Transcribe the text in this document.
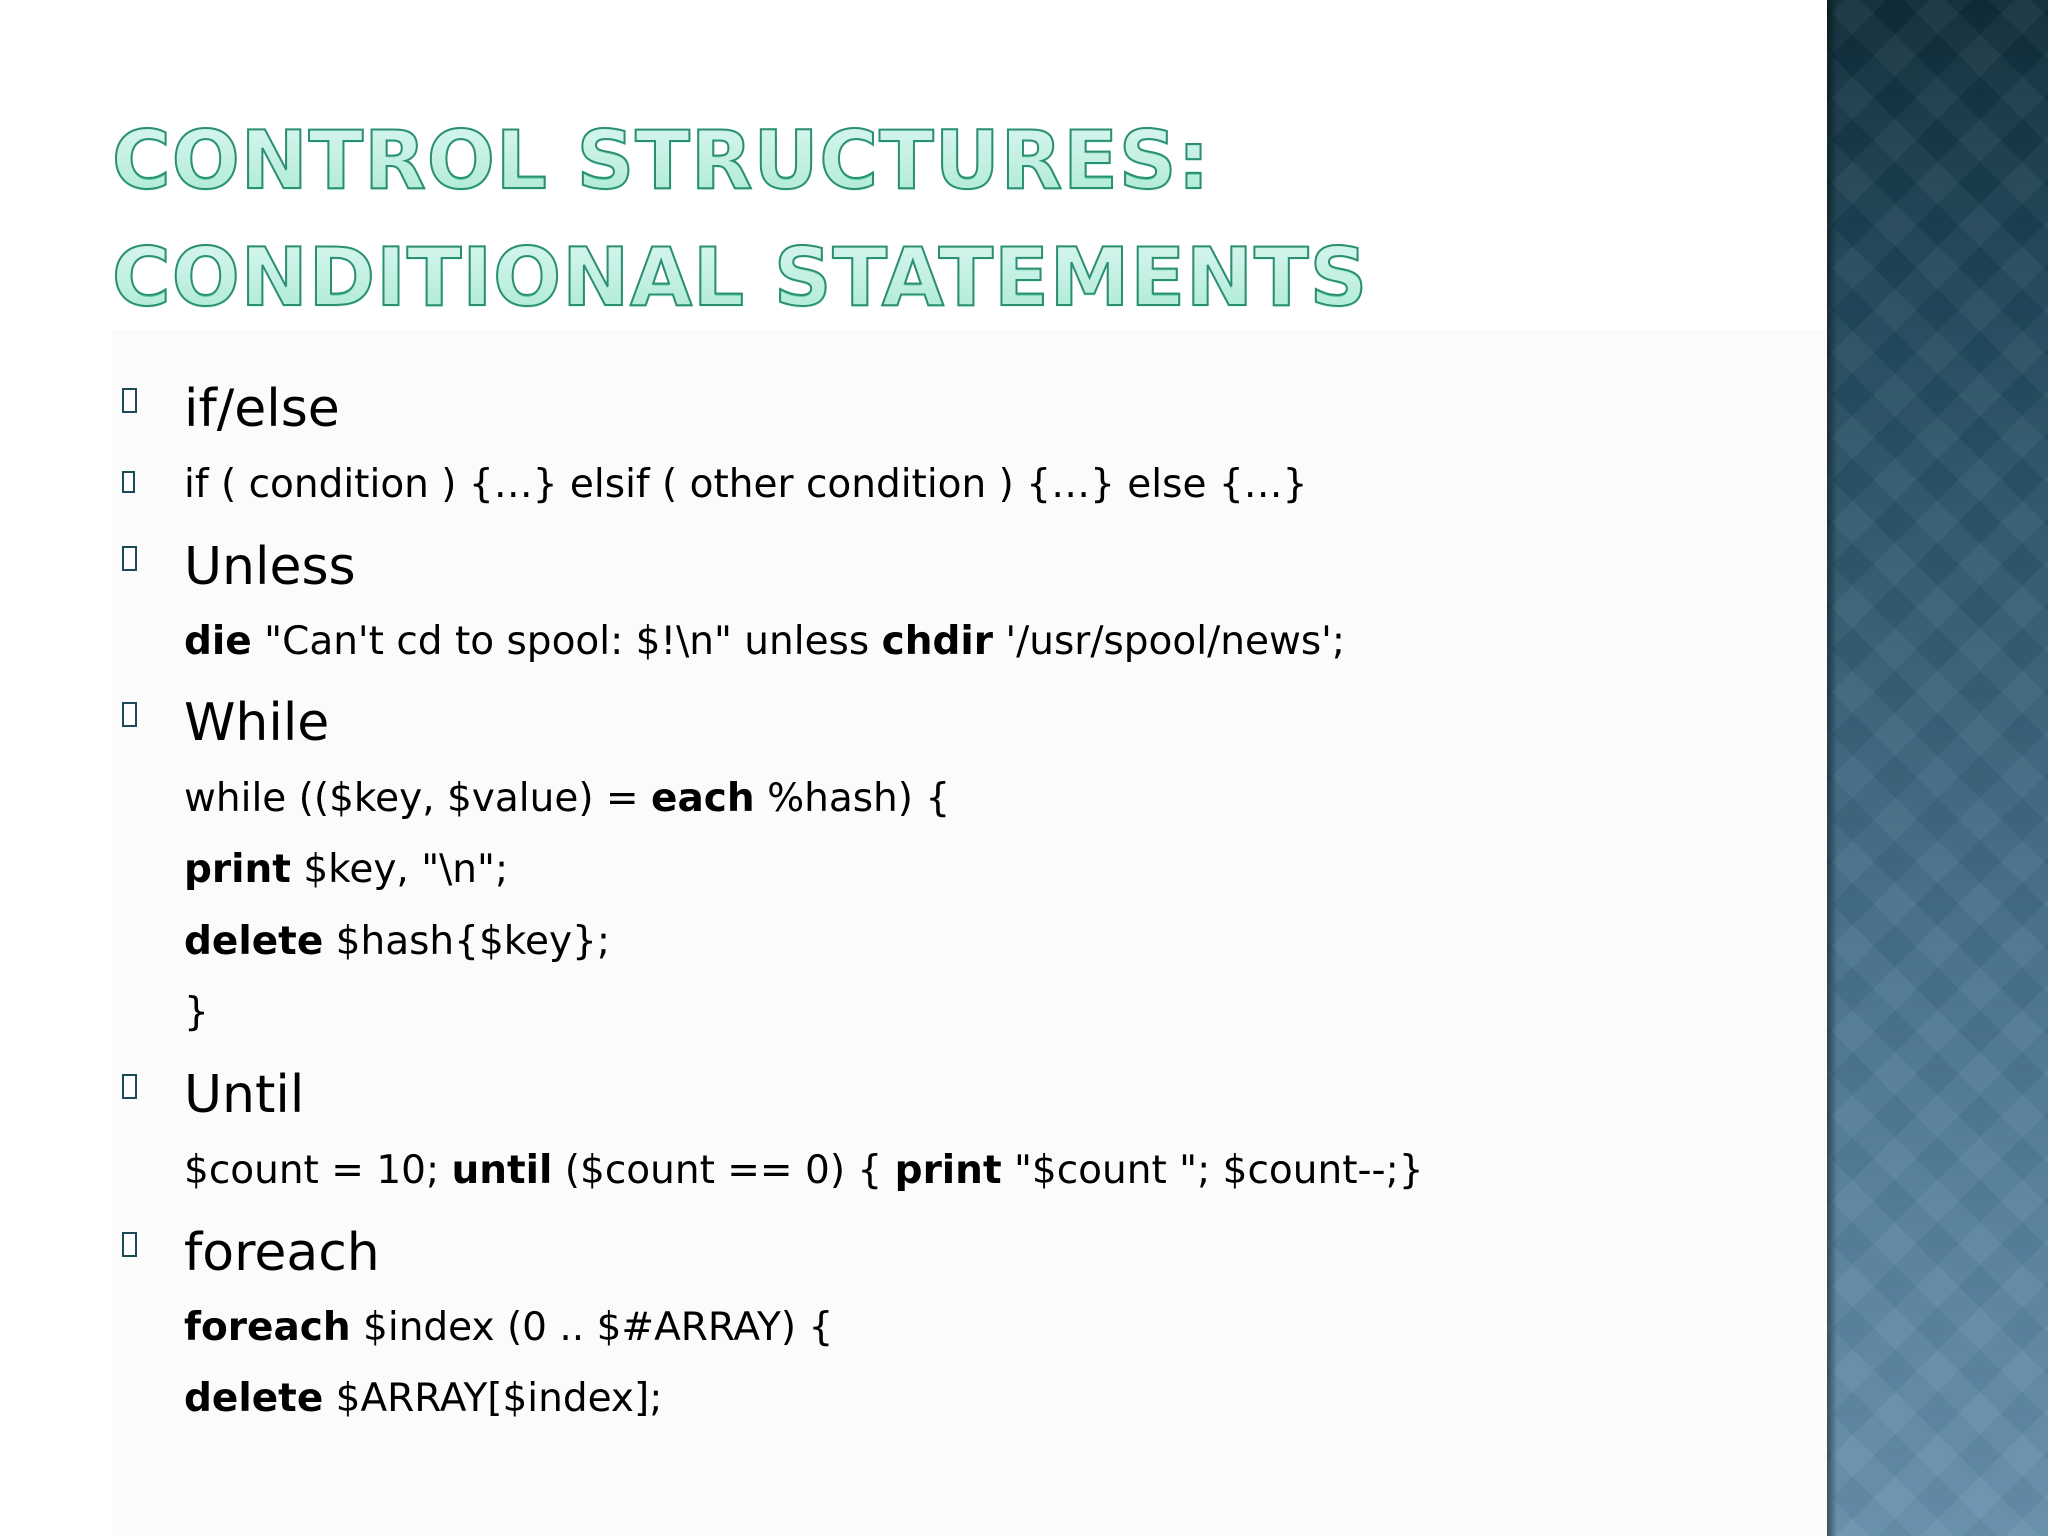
CONTROL STRUCTURES:
CONDITIONAL STATEMENTS
if/else
if ( condition ) {…} elsif ( other condition ) {…} else {…}
Unless
die "Can't cd to spool: $!\n" unless chdir '/usr/spool/news';
While
while (($key, $value) = each %hash) {
print $key, "\n";
delete $hash{$key};
}
Until
$count = 10; until ($count == 0) { print "$count "; $count--;}
foreach
foreach $index (0 .. $#ARRAY) {
delete $ARRAY[$index];
